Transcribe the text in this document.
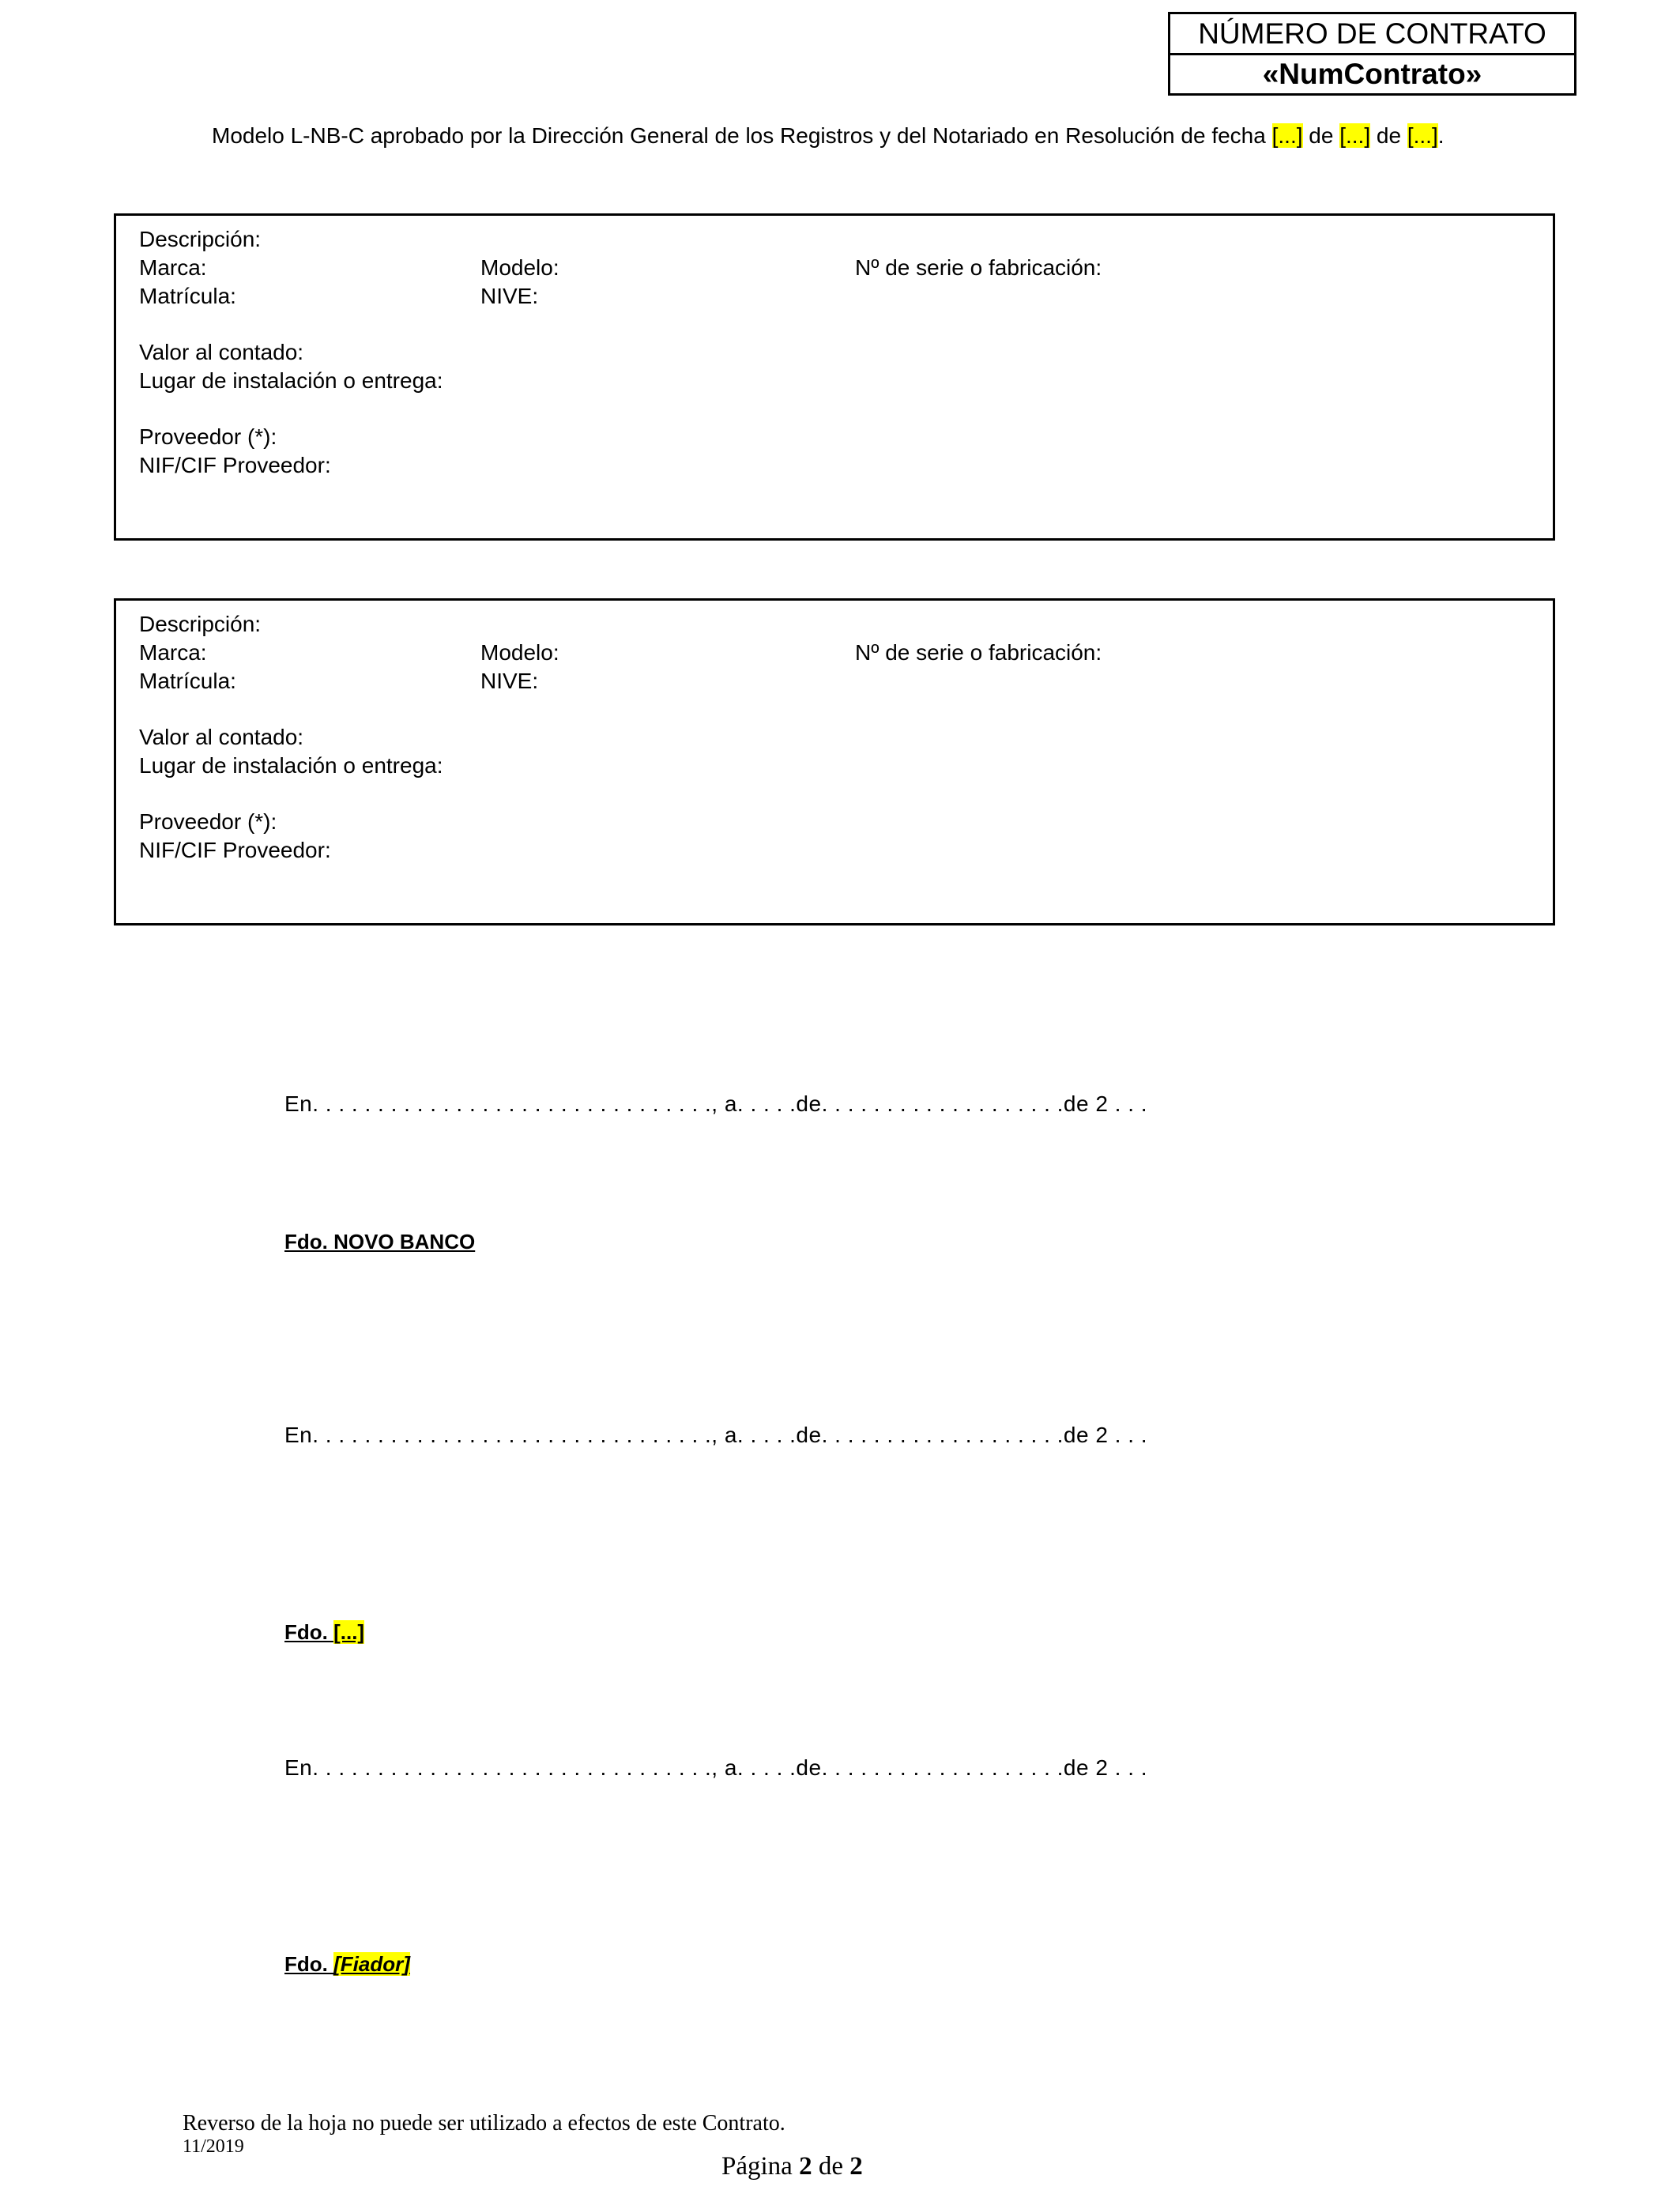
NÚMERO DE CONTRATO
«NumContrato»
Modelo L-NB-C aprobado por la Dirección General de los Registros y del Notariado en Resolución de fecha [...] de [...] de [...].
Descripción:
Marca:	Modelo:	Nº de serie o fabricación:
Matrícula:	NIVE:
Valor al contado:
Lugar de instalación o entrega:
Proveedor (*):
NIF/CIF Proveedor:
Descripción:
Marca:	Modelo:	Nº de serie o fabricación:
Matrícula:	NIVE:
Valor al contado:
Lugar de instalación o entrega:
Proveedor (*):
NIF/CIF Proveedor:
En. . . . . . . . . . . . . . . . . . . . . . . . . . . . . . ., a. . . . .de. . . . . . . . . . . . . . . . . . .de 2 . . .
Fdo. NOVO BANCO
En. . . . . . . . . . . . . . . . . . . . . . . . . . . . . . ., a. . . . .de. . . . . . . . . . . . . . . . . . .de 2 . . .
Fdo. [...]
En. . . . . . . . . . . . . . . . . . . . . . . . . . . . . . ., a. . . . .de. . . . . . . . . . . . . . . . . . .de 2 . . .
Fdo. [Fiador]
Reverso de la hoja no puede ser utilizado a efectos de este Contrato.
11/2019
Página 2 de 2
